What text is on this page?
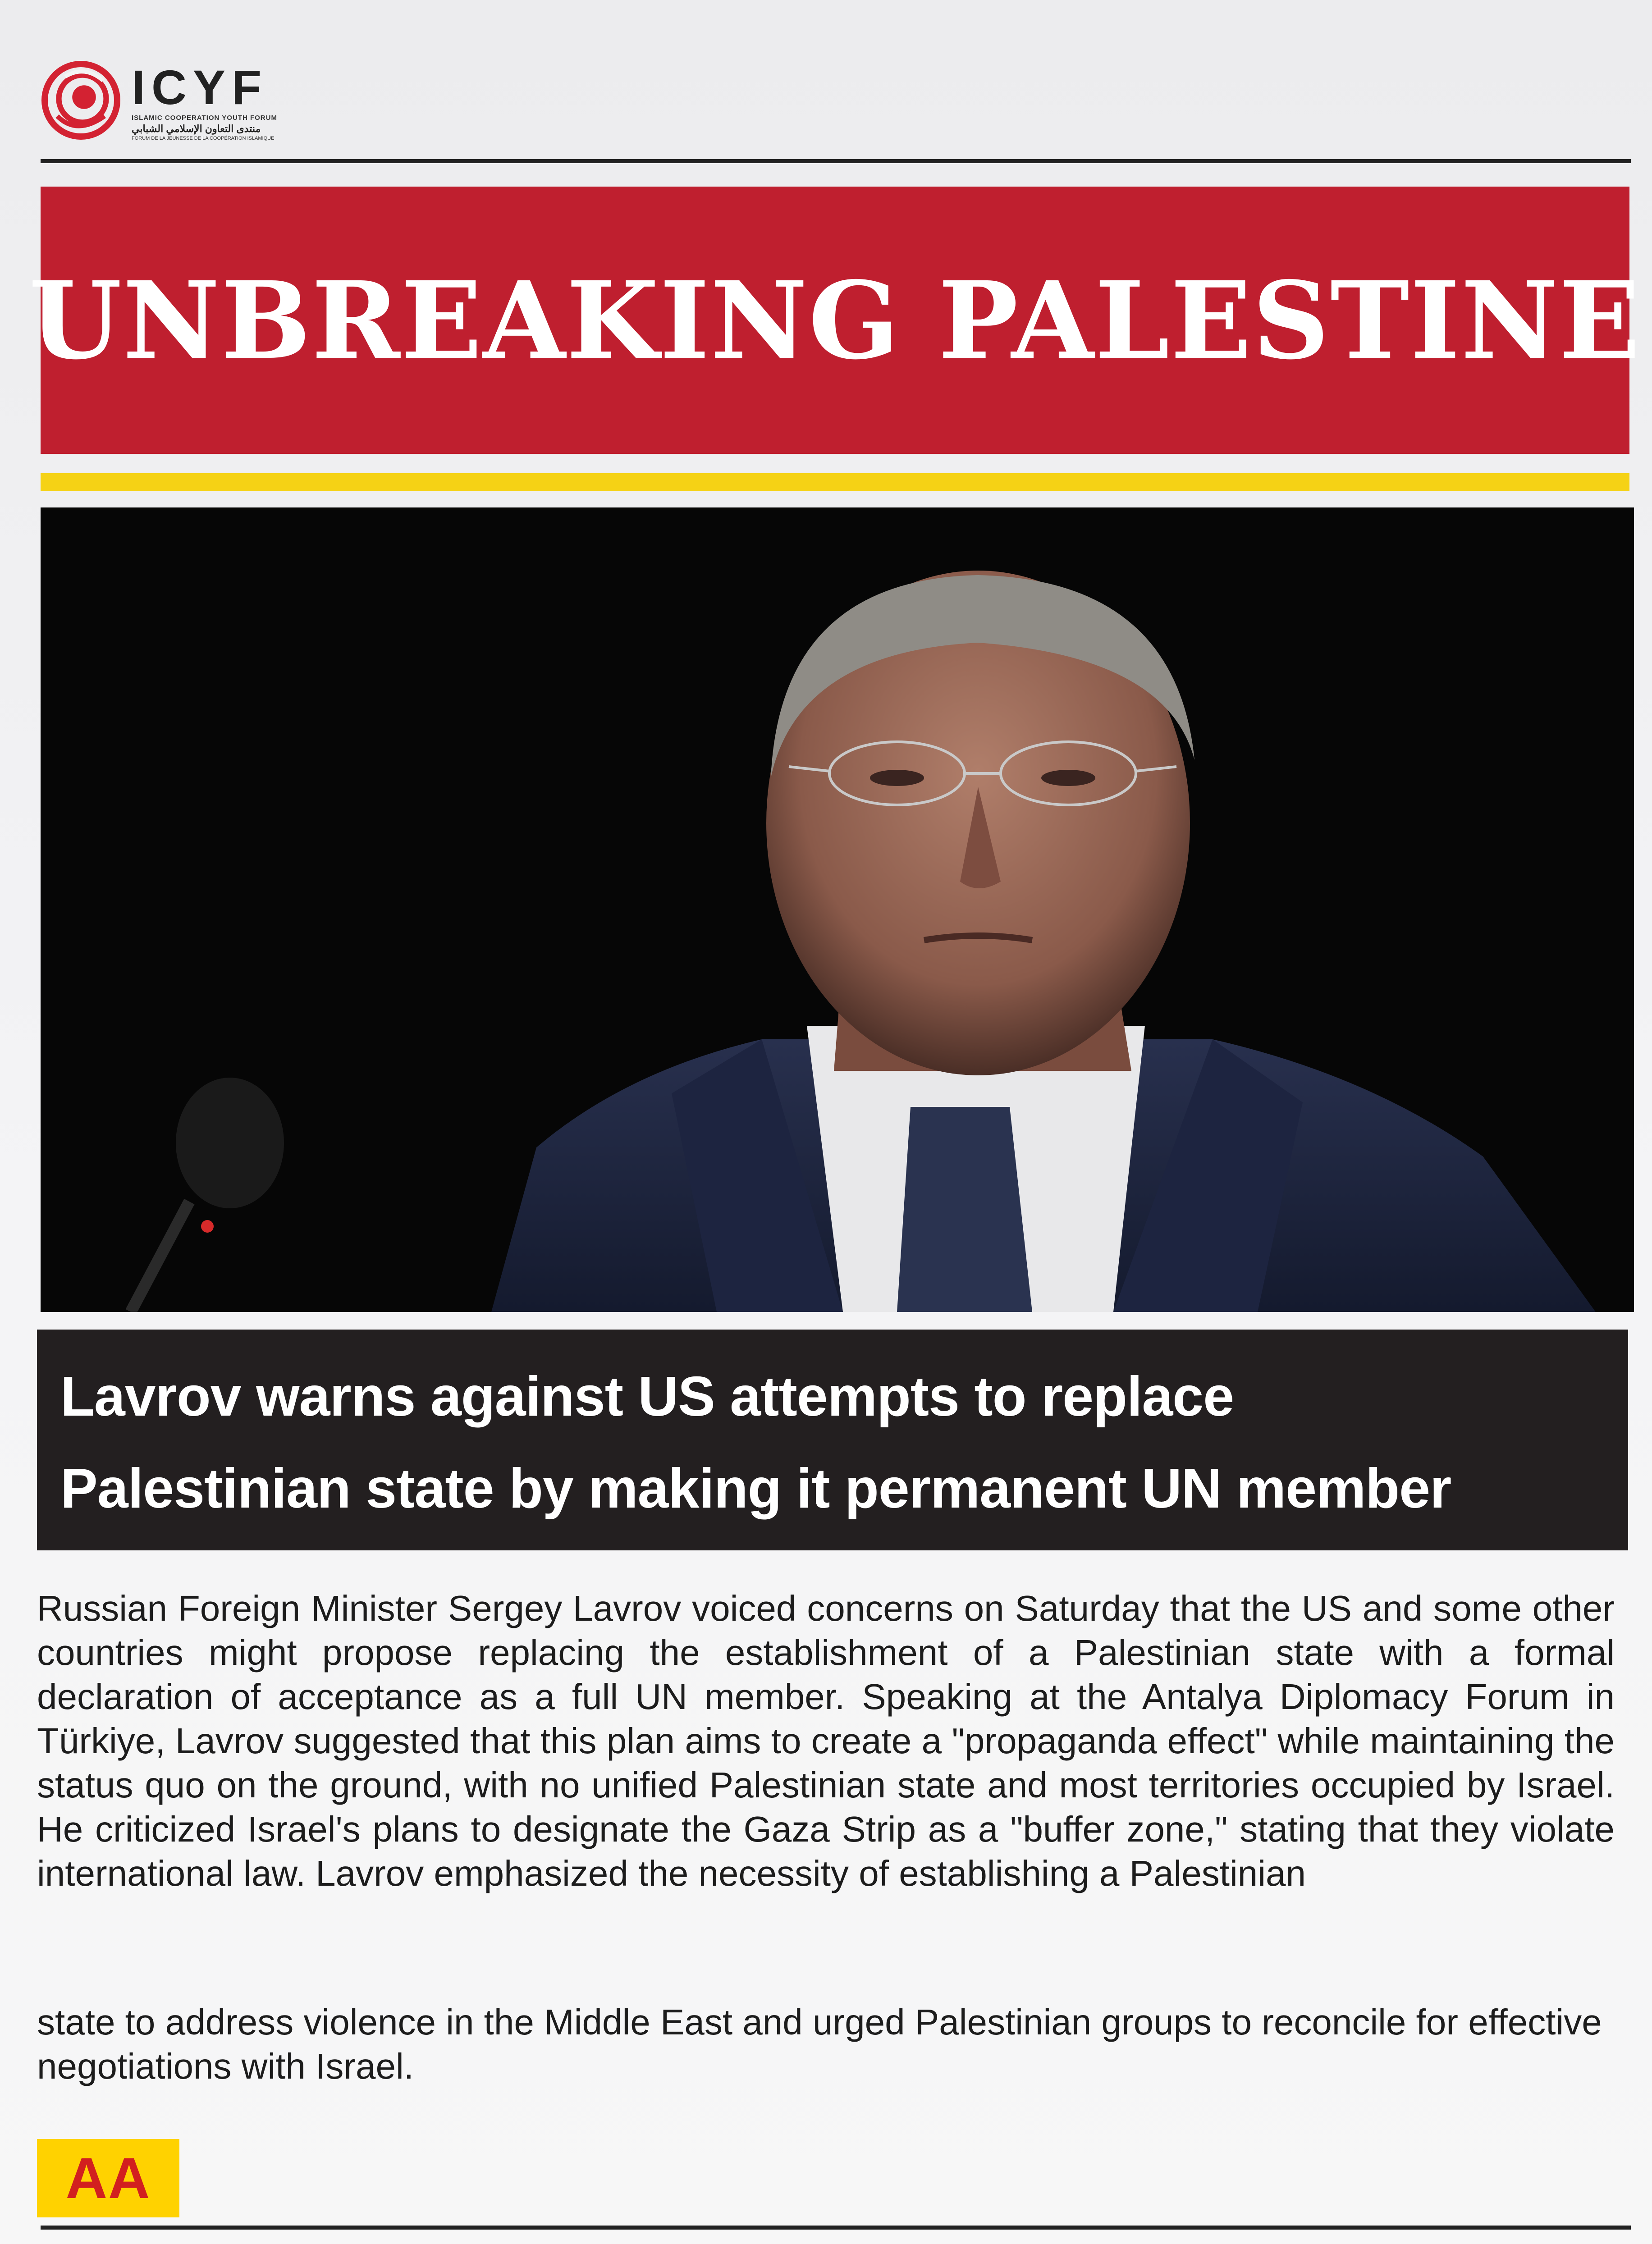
ICYF
ISLAMIC COOPERATION YOUTH FORUM
منتدى التعاون الإسلامي الشبابي
FORUM DE LA JEUNESSE DE LA COOPÉRATION ISLAMIQUE
UNBREAKING PALESTINE
Lavrov warns against US attempts to replace
Palestinian state by making it permanent UN member
Russian Foreign Minister Sergey Lavrov voiced concerns on Saturday that the US and some other countries might propose replacing the establishment of a Palestinian state with a formal declaration of acceptance as a full UN member. Speaking at the Antalya Diplomacy Forum in Türkiye, Lavrov suggested that this plan aims to create a "propaganda effect" while maintaining the status quo on the ground, with no unified Palestinian state and most territories occupied by Israel. He criticized Israel's plans to designate the Gaza Strip as a "buffer zone," stating that they violate international law. Lavrov emphasized the necessity of establishing a Palestinian
state to address violence in the Middle East and urged Palestinian groups to reconcile for effective negotiations with Israel.
AA
